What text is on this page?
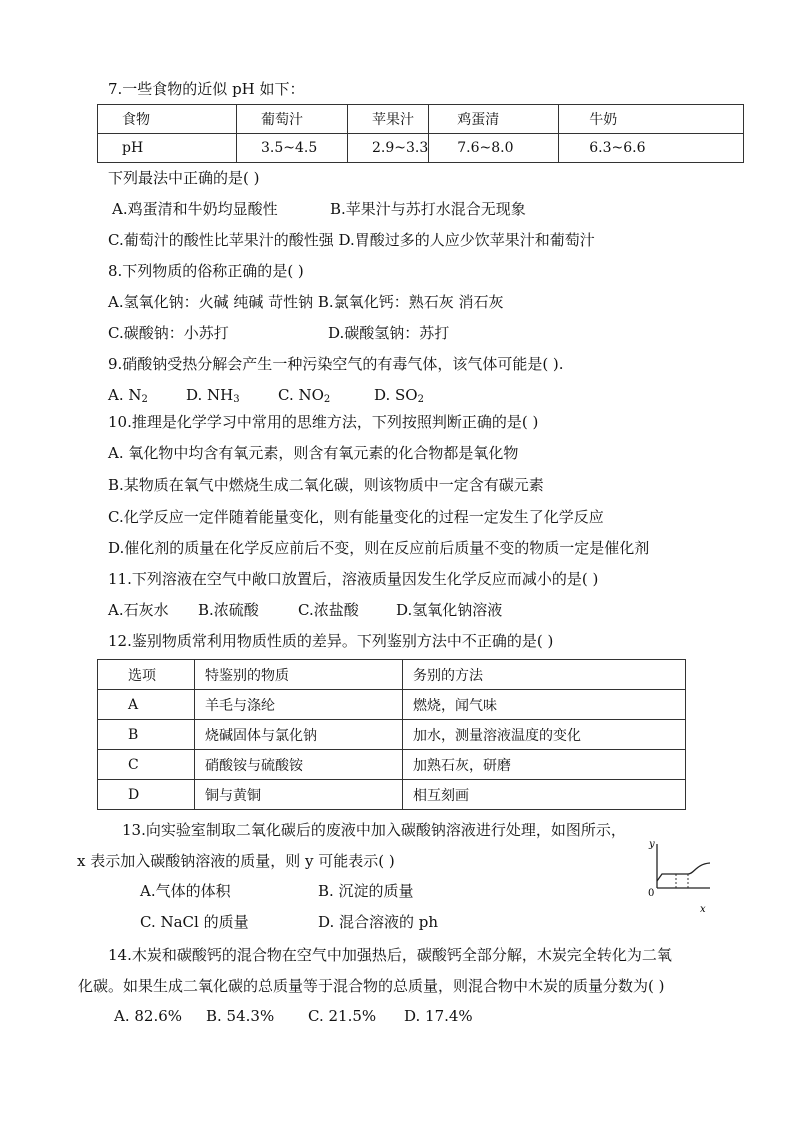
7.一些食物的近似 pH 如下：
食物	葡萄汁	苹果汁	鸡蛋清	牛奶
pH	3.5~4.5	2.9~3.3	7.6~8.0	6.3~6.6
下列最法中正确的是( )
A.鸡蛋清和牛奶均显酸性	B.苹果汁与苏打水混合无现象
C.葡萄汁的酸性比苹果汁的酸性强 D.胃酸过多的人应少饮苹果汁和葡萄汁
8.下列物质的俗称正确的是( )
A.氢氧化钠：火碱 纯碱 苛性钠 B.氯氧化钙：熟石灰 消石灰
C.碳酸钠：小苏打	D.碳酸氢钠：苏打
9.硝酸钠受热分解会产生一种污染空气的有毒气体，该气体可能是( ).
A. $N_2$	D. $NH_3$	C. $NO_2$	D. $SO_2$
10.推理是化学学习中常用的思维方法，下列按照判断正确的是( )
A. 氧化物中均含有氧元素，则含有氧元素的化合物都是氧化物
B.某物质在氧气中燃烧生成二氧化碳，则该物质中一定含有碳元素
C.化学反应一定伴随着能量变化，则有能量变化的过程一定发生了化学反应
D.催化剂的质量在化学反应前后不变，则在反应前后质量不变的物质一定是催化剂
11.下列溶液在空气中敞口放置后，溶液质量因发生化学反应而减小的是( )
A.石灰水 B.浓硫酸	C.浓盐酸 D.氢氧化钠溶液
12.鉴别物质常利用物质性质的差异。下列鉴别方法中不正确的是( )
选项	特鉴别的物质	务别的方法
A	羊毛与涤纶	燃烧，闻气味
B	烧碱固体与氯化钠	加水，测量溶液温度的变化
C	硝酸铵与硫酸铵	加熟石灰，研磨
D	铜与黄铜	相互刻画
13.向实验室制取二氧化碳后的废液中加入碳酸钠溶液进行处理，如图所示，
x 表示加入碳酸钠溶液的质量，则 y 可能表示( )
A.气体的体积	B. 沉淀的质量
C. NaCl 的质量	D. 混合溶液的 ph
y
0
x
14.木炭和碳酸钙的混合物在空气中加强热后，碳酸钙全部分解，木炭完全转化为二氧
化碳。如果生成二氧化碳的总质量等于混合物的总质量，则混合物中木炭的质量分数为( )
A. 82.6% B. 54.3% C. 21.5% D. 17.4%
